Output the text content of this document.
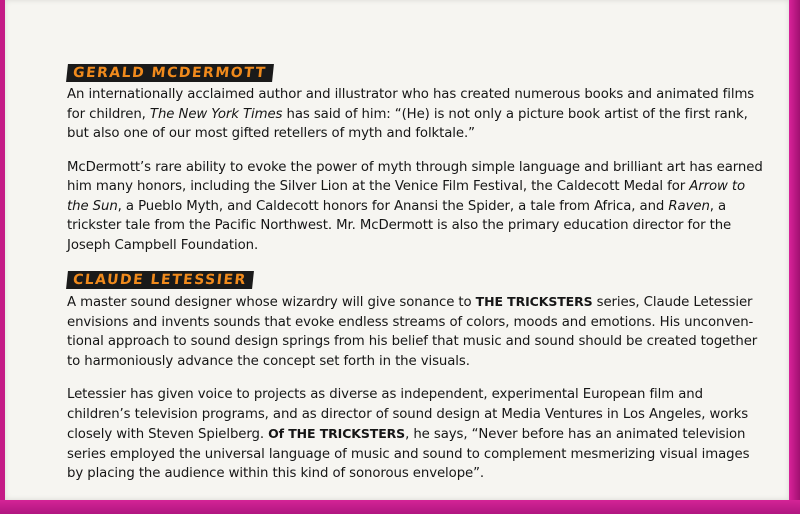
GERALD MCDERMOTT

An internationally acclaimed author and illustrator who has created numerous books and animated films for children, The New York Times has said of him: “(He) is not only a picture book artist of the first rank, but also one of our most gifted retellers of myth and folktale.”

McDermott’s rare ability to evoke the power of myth through simple language and brilliant art has earned him many honors, including the Silver Lion at the Venice Film Festival, the Caldecott Medal for Arrow to the Sun, a Pueblo Myth, and Caldecott honors for Anansi the Spider, a tale from Africa, and Raven, a trickster tale from the Pacific Northwest. Mr. McDermott is also the primary education director for the Joseph Campbell Foundation.

CLAUDE LETESSIER

A master sound designer whose wizardry will give sonance to THE TRICKSTERS series, Claude Letessier envisions and invents sounds that evoke endless streams of colors, moods and emotions. His unconven-tional approach to sound design springs from his belief that music and sound should be created together to harmoniously advance the concept set forth in the visuals.

Letessier has given voice to projects as diverse as independent, experimental European film and children’s television programs, and as director of sound design at Media Ventures in Los Angeles, works closely with Steven Spielberg. Of THE TRICKSTERS, he says, “Never before has an animated television series employed the universal language of music and sound to complement mesmerizing visual images by placing the audience within this kind of sonorous envelope”.
